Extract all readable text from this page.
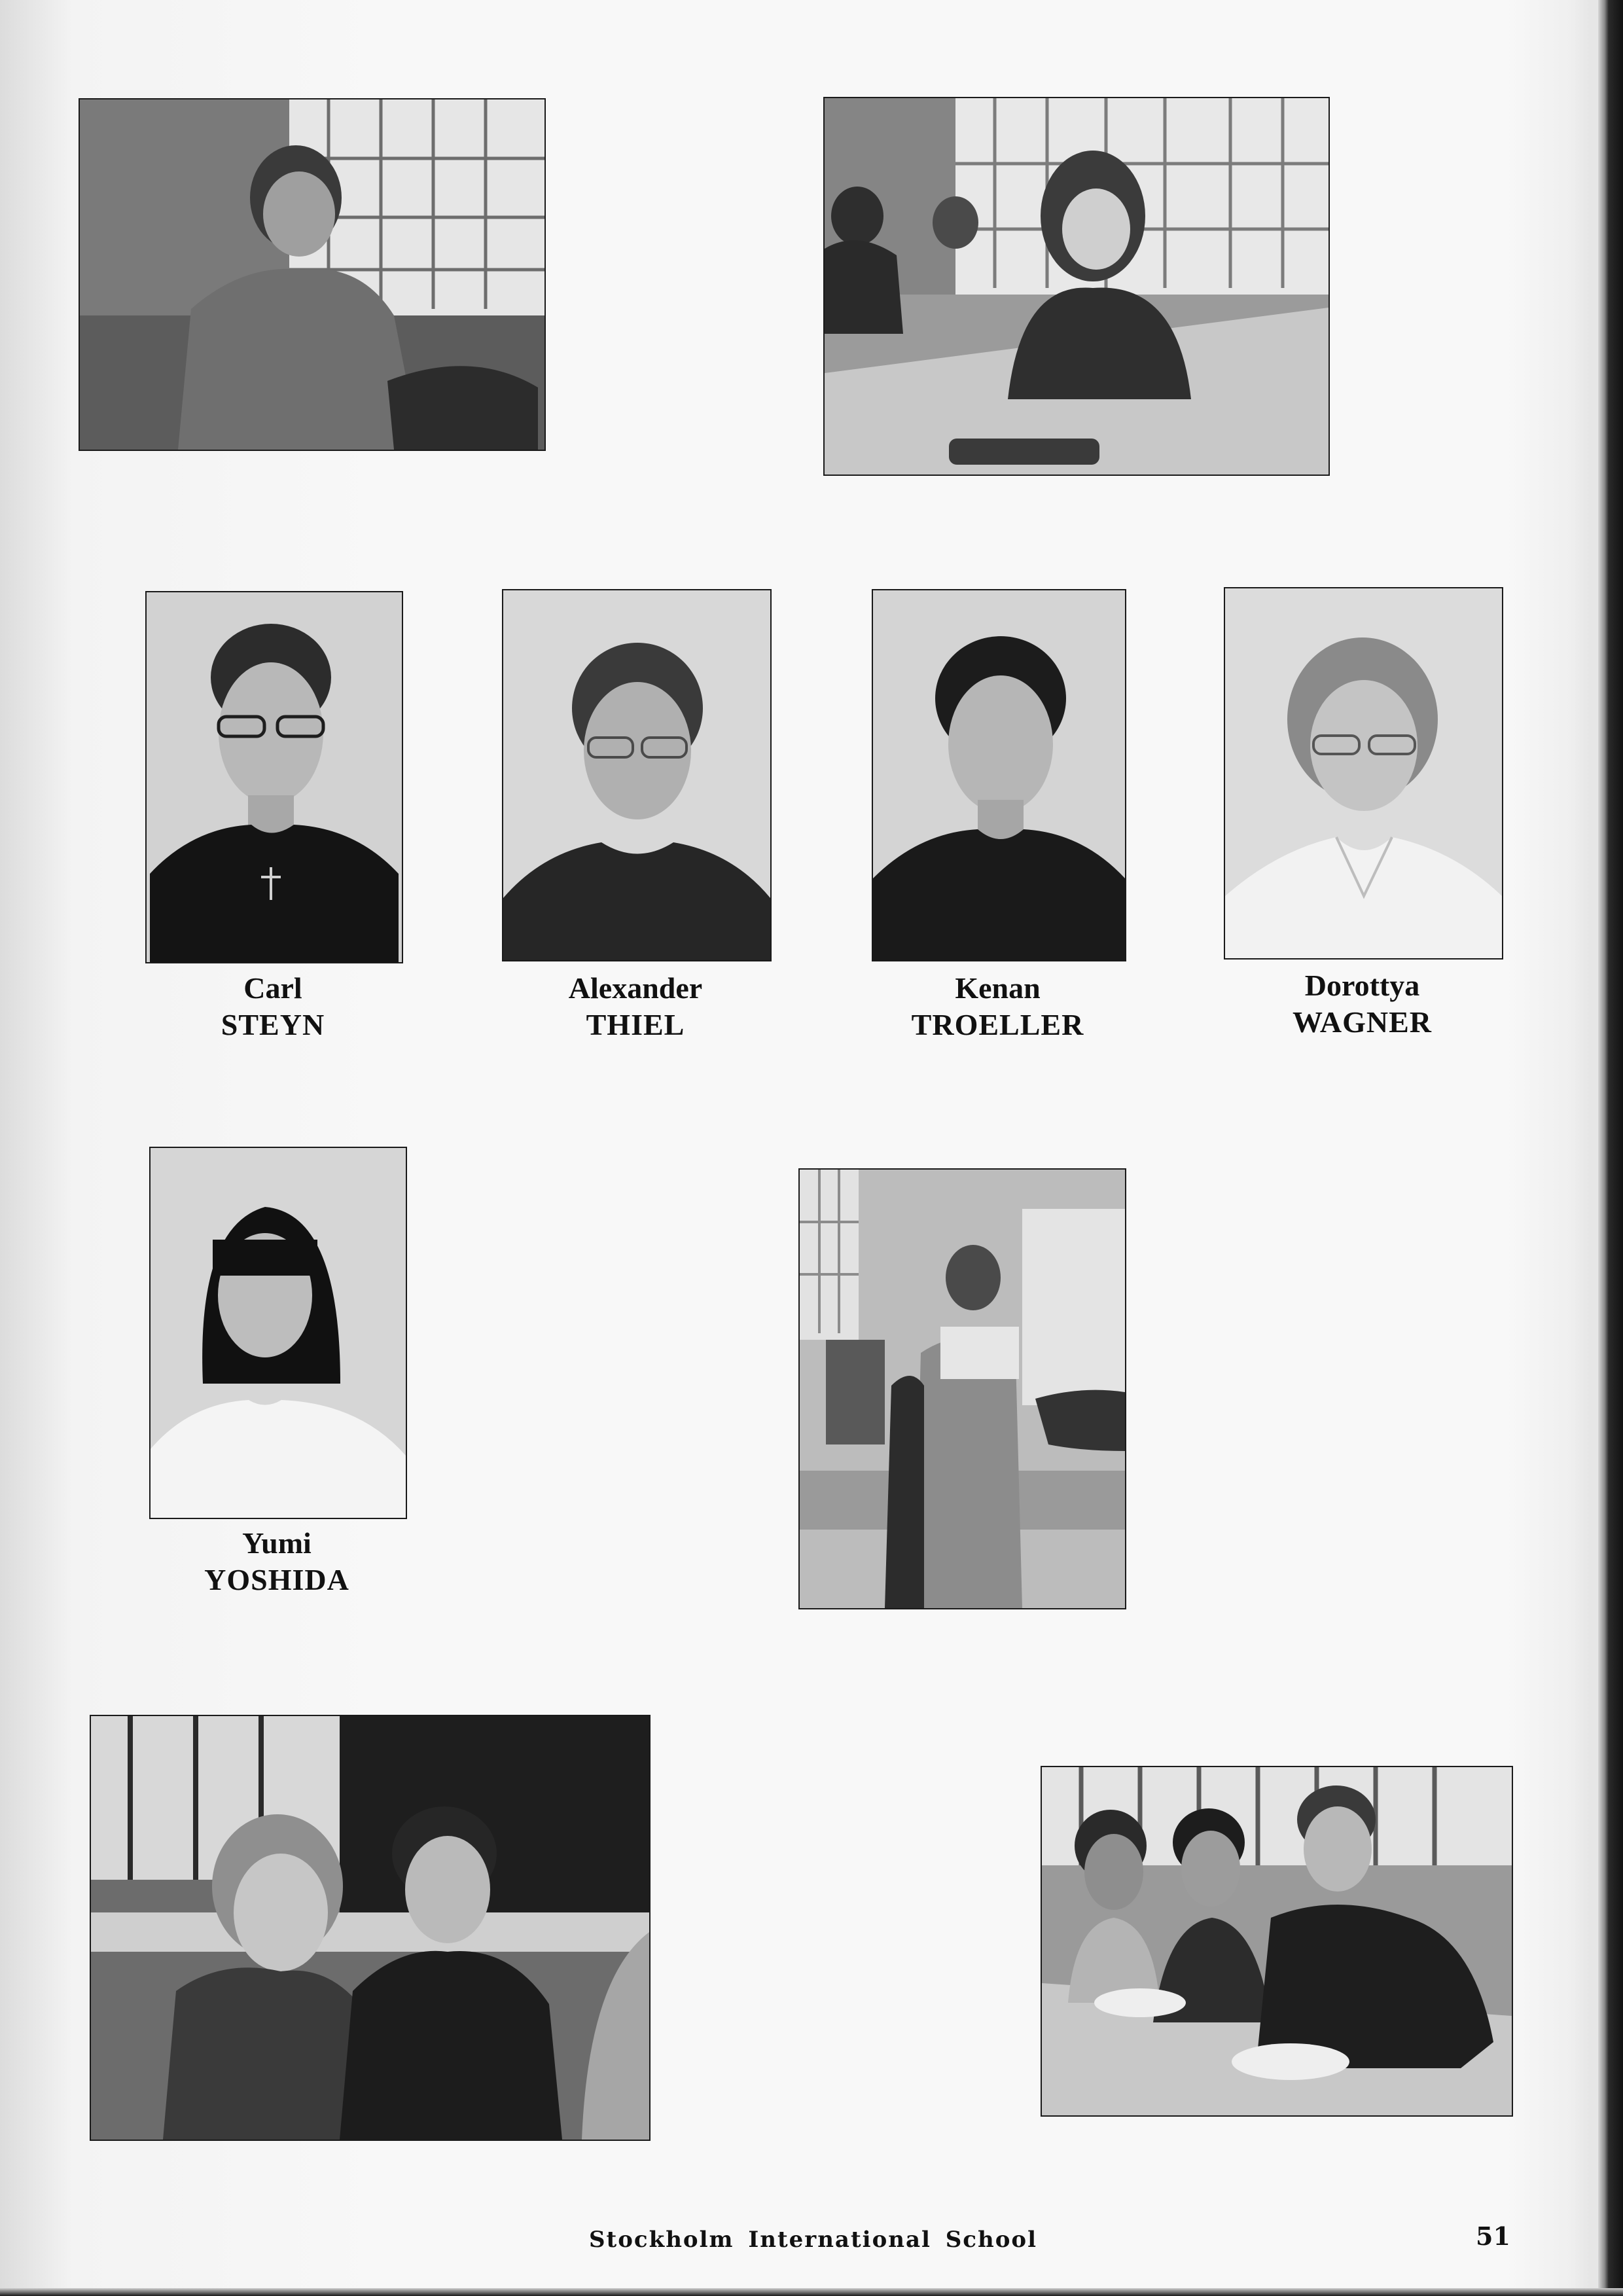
Carl
STEYN
Alexander
THIEL
Kenan
TROELLER
Dorottya
WAGNER
Yumi
YOSHIDA
Stockholm International School	51
